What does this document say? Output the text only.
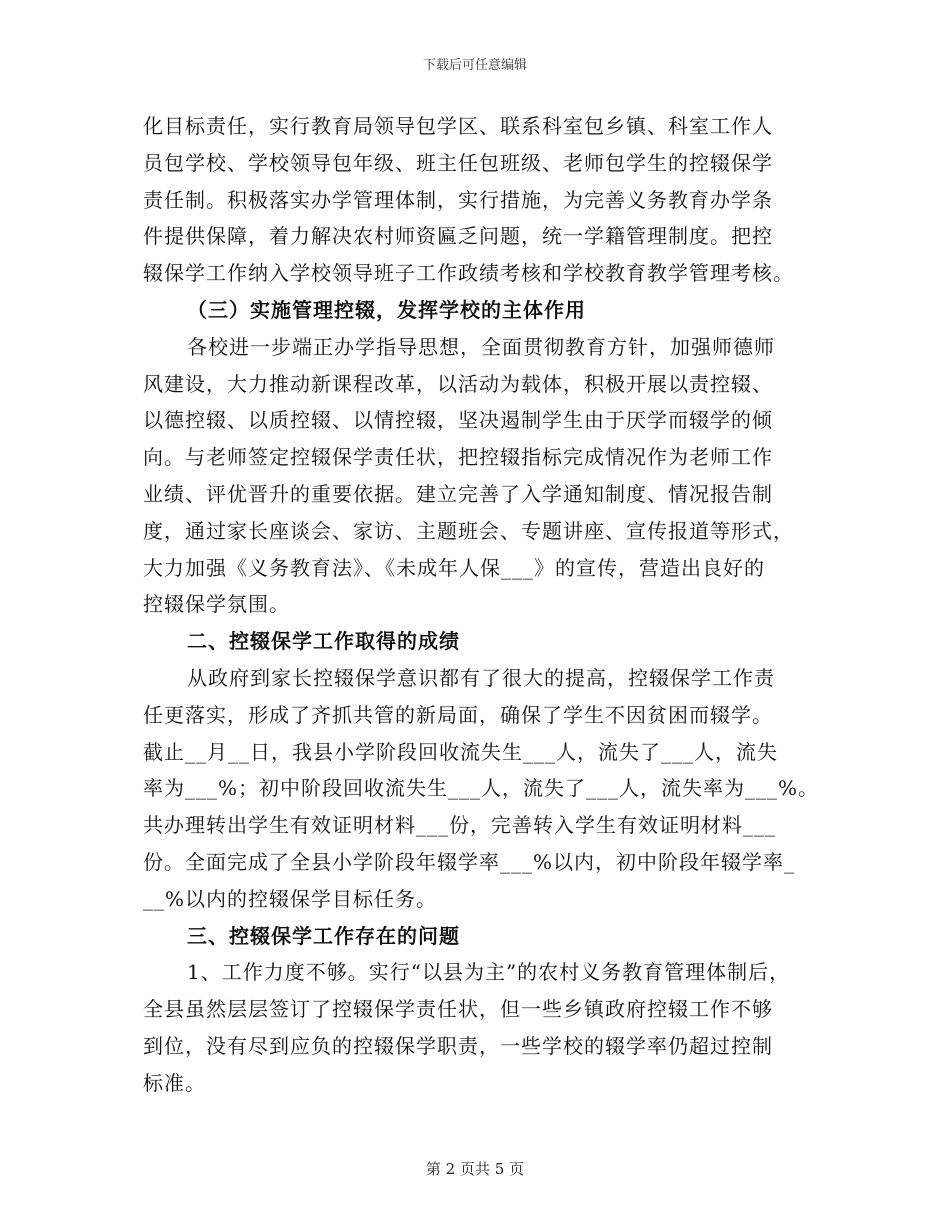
下载后可任意编辑
化目标责任，实行教育局领导包学区、联系科室包乡镇、科室工作人
员包学校、学校领导包年级、班主任包班级、老师包学生的控辍保学
责任制。积极落实办学管理体制，实行措施，为完善义务教育办学条
件提供保障，着力解决农村师资匾乏问题，统一学籍管理制度。把控
辍保学工作纳入学校领导班子工作政绩考核和学校教育教学管理考核。
（三）实施管理控辍，发挥学校的主体作用
各校进一步端正办学指导思想，全面贯彻教育方针，加强师德师
风建设，大力推动新课程改革，以活动为载体，积极开展以责控辍、
以德控辍、以质控辍、以情控辍，坚决遏制学生由于厌学而辍学的倾
向。与老师签定控辍保学责任状，把控辍指标完成情况作为老师工作
业绩、评优晋升的重要依据。建立完善了入学通知制度、情况报告制
度，通过家长座谈会、家访、主题班会、专题讲座、宣传报道等形式，
大力加强《义务教育法》、《未成年人保___》的宣传，营造出良好的
控辍保学氛围。
二、控辍保学工作取得的成绩
从政府到家长控辍保学意识都有了很大的提高，控辍保学工作责
任更落实，形成了齐抓共管的新局面，确保了学生不因贫困而辍学。
截止__月__日，我县小学阶段回收流失生___人，流失了___人，流失
率为___%；初中阶段回收流失生___人，流失了___人，流失率为___%。
共办理转出学生有效证明材料___份，完善转入学生有效证明材料___
份。全面完成了全县小学阶段年辍学率___%以内，初中阶段年辍学率_
__%以内的控辍保学目标任务。
三、控辍保学工作存在的问题
1、工作力度不够。实行“以县为主”的农村义务教育管理体制后，
全县虽然层层签订了控辍保学责任状，但一些乡镇政府控辍工作不够
到位，没有尽到应负的控辍保学职责，一些学校的辍学率仍超过控制
标准。
第 2 页共 5 页
